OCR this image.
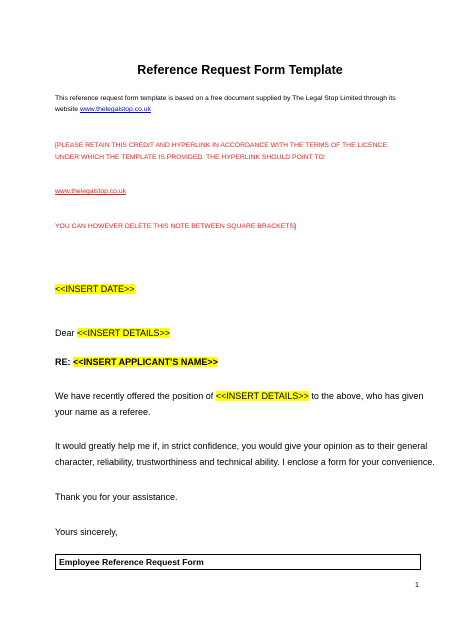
Reference Request Form Template
This reference request form template is based on a free document supplied by The Legal Stop Limited through its
website www.thelegalstop.co.uk
[PLEASE RETAIN THIS CREDIT AND HYPERLINK IN ACCORDANCE WITH THE TERMS OF THE LICENCE
UNDER WHICH THE TEMPLATE IS PROVIDED. THE HYPERLINK SHOULD POINT TO:
www.thelegalstop.co.uk
YOU CAN HOWEVER DELETE THIS NOTE BETWEEN SQUARE BRACKETS]
<<INSERT DATE>>
Dear <<INSERT DETAILS>>
RE: <<INSERT APPLICANT'S NAME>>
We have recently offered the position of <<INSERT DETAILS>> to the above, who has given
your name as a referee.
It would greatly help me if, in strict confidence, you would give your opinion as to their general
character, reliability, trustworthiness and technical ability. I enclose a form for your convenience.
Thank you for your assistance.
Yours sincerely,
Employee Reference Request Form
1
